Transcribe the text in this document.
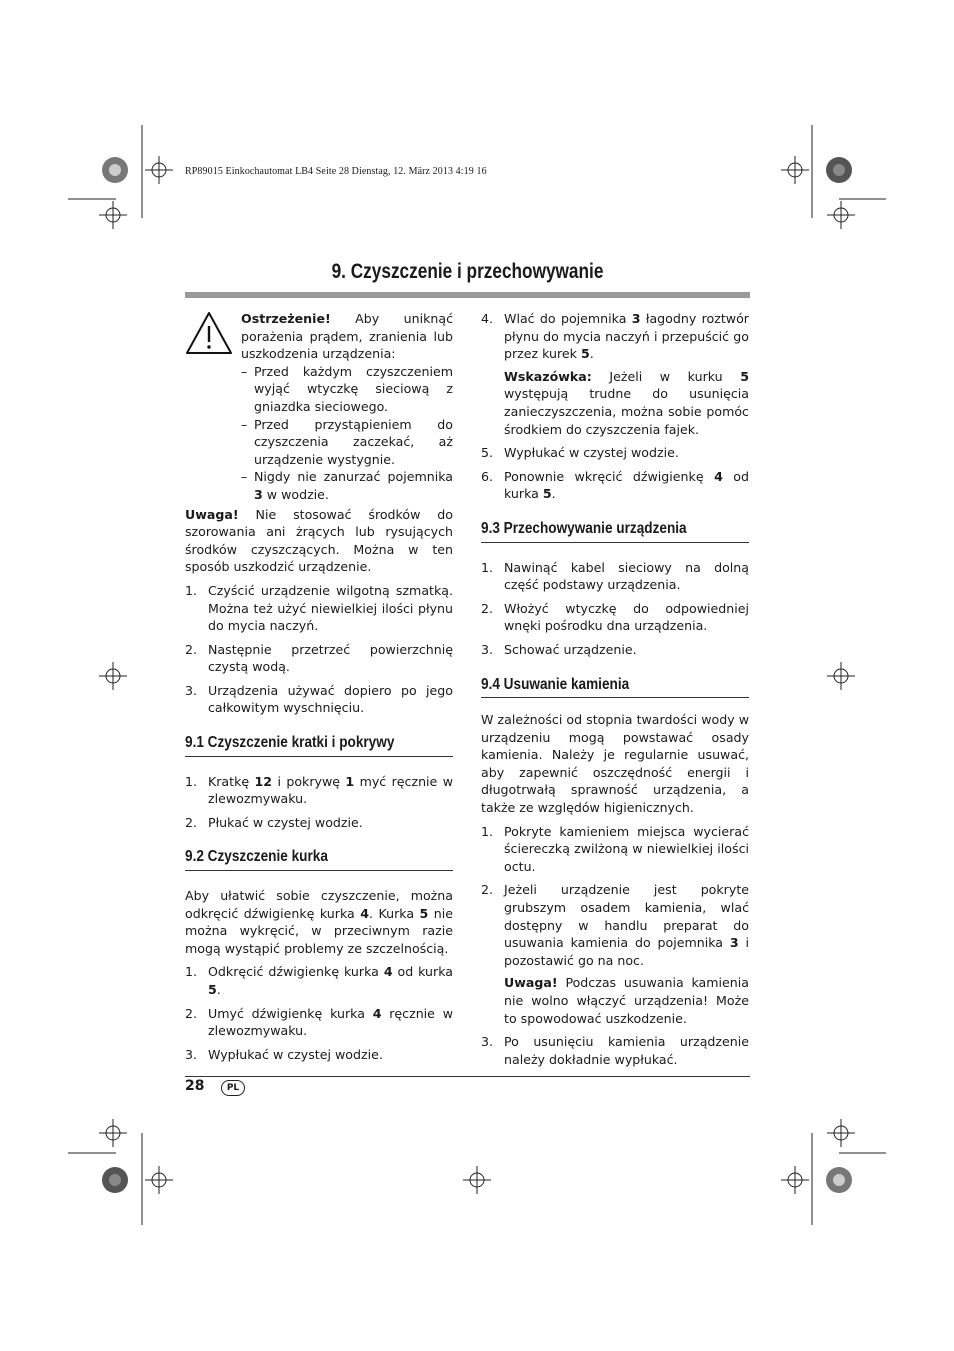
RP89015 Einkochautomat LB4 Seite 28 Dienstag, 12. März 2013 4:19 16
9. Czyszczenie i przechowywanie

Ostrzeżenie! Aby uniknąć porażenia prądem, zranienia lub uszkodzenia urządzenia:

– Przed każdym czyszczeniem wyjąć wtyczkę sieciową z gniazdka sieciowego.
– Przed przystąpieniem do czyszczenia zaczekać, aż urządzenie wystygnie.
– Nigdy nie zanurzać pojemnika 3 w wodzie.

Uwaga! Nie stosować środków do szorowania ani żrących lub rysujących środków czyszczących. Można w ten sposób uszkodzić urządzenie.

1. Czyścić urządzenie wilgotną szmatką. Można też użyć niewielkiej ilości płynu do mycia naczyń.
2. Następnie przetrzeć powierzchnię czystą wodą.
3. Urządzenia używać dopiero po jego całkowitym wyschnięciu.

9.1 Czyszczenie kratki i pokrywy

1. Kratkę 12 i pokrywę 1 myć ręcznie w zlewozmywaku.
2. Płukać w czystej wodzie.

9.2 Czyszczenie kurka

Aby ułatwić sobie czyszczenie, można odkręcić dźwigienkę kurka 4. Kurka 5 nie można wykręcić, w przeciwnym razie mogą wystąpić problemy ze szczelnością.

1. Odkręcić dźwigienkę kurka 4 od kurka 5.
2. Umyć dźwigienkę kurka 4 ręcznie w zlewozmywaku.
3. Wypłukać w czystej wodzie.
4. Wlać do pojemnika 3 łagodny roztwór płynu do mycia naczyń i przepuścić go przez kurek 5.

Wskazówka: Jeżeli w kurku 5 występują trudne do usunięcia zanieczyszczenia, można sobie pomóc środkiem do czyszczenia fajek.

5. Wypłukać w czystej wodzie.
6. Ponownie wkręcić dźwigienkę 4 od kurka 5.

9.3 Przechowywanie urządzenia

1. Nawinąć kabel sieciowy na dolną część podstawy urządzenia.
2. Włożyć wtyczkę do odpowiedniej wnęki pośrodku dna urządzenia.
3. Schować urządzenie.

9.4 Usuwanie kamienia

W zależności od stopnia twardości wody w urządzeniu mogą powstawać osady kamienia. Należy je regularnie usuwać, aby zapewnić oszczędność energii i długotrwałą sprawność urządzenia, a także ze względów higienicznych.

1. Pokryte kamieniem miejsca wycierać ściereczką zwilżoną w niewielkiej ilości octu.
2. Jeżeli urządzenie jest pokryte grubszym osadem kamienia, wlać dostępny w handlu preparat do usuwania kamienia do pojemnika 3 i pozostawić go na noc.

Uwaga! Podczas usuwania kamienia nie wolno włączyć urządzenia! Może to spowodować uszkodzenie.

3. Po usunięciu kamienia urządzenie należy dokładnie wypłukać.
28	PL
